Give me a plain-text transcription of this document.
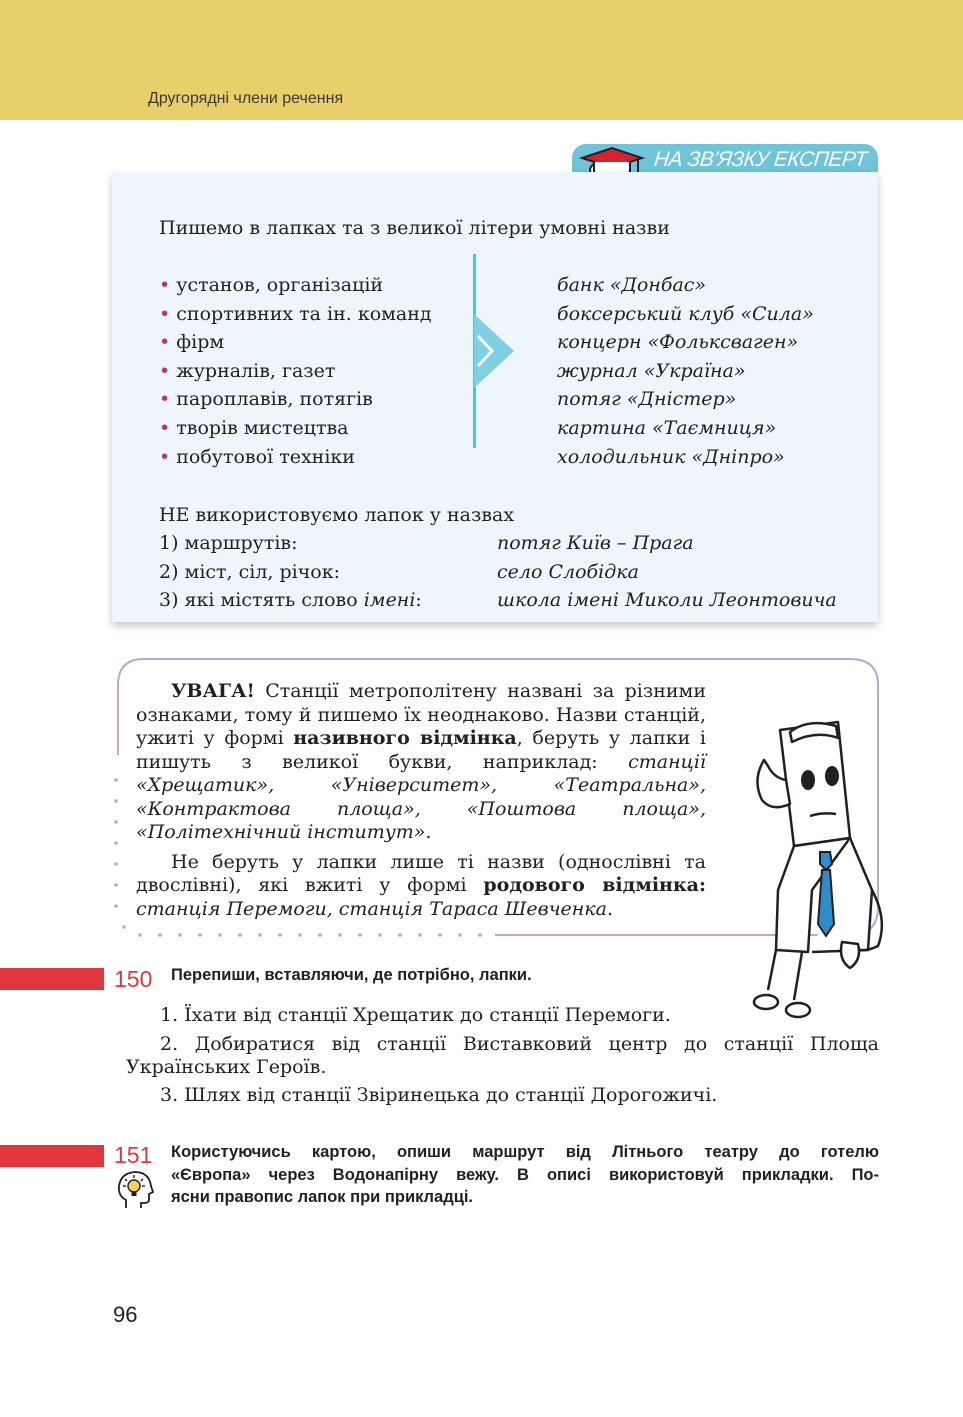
Другорядні члени речення
НА ЗВ’ЯЗКУ ЕКСПЕРТ
Пишемо в лапках та з великої літери умовні назви
• установ, організацій
• спортивних та ін. команд
• фірм
• журналів, газет
• пароплавів, потягів
• творів мистецтва
• побутової техніки
банк «Донбас»
боксерський клуб «Сила»
концерн «Фольксваген»
журнал «Україна»
потяг «Дністер»
картина «Таємниця»
холодильник «Дніпро»
НЕ використовуємо лапок у назвах
1) маршрутів:
2) міст, сіл, річок:
3) які містять слово імені:
потяг Київ – Прага
село Слобідка
школа імені Миколи Леонтовича

УВАГА! Станції метрополітену названі за різними ознаками, тому й пишемо їх неоднаково. Назви станцій, ужиті у формі називного відмінка, беруть у лапки і пишуть з великої букви, наприклад: станції «Хрещатик», «Університет», «Театральна», «Контрактова площа», «Поштова площа», «Політехнічний інститут».

Не беруть у лапки лише ті назви (однослівні та двослівні), які вжиті у формі родового відмінка: станція Перемоги, станція Тараса Шевченка.

150 Перепиши, вставляючи, де потрібно, лапки.
1. Їхати від станції Хрещатик до станції Перемоги.
2. Добиратися від станції Виставковий центр до станції Площа
Українських Героїв.
3. Шлях від станції Звіринецька до станції Дорогожичі.
151 Користуючись картою, опиши маршрут від Літнього театру до готелю
«Європа» через Водонапірну вежу. В описі використовуй прикладки. По-
ясни правопис лапок при прикладці.
96
